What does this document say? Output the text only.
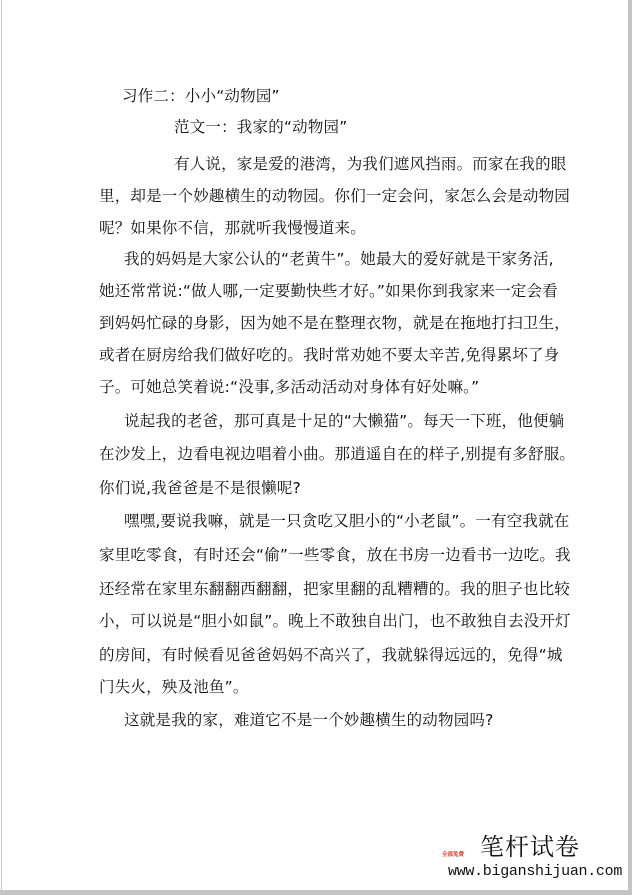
习作二：小小“动物园”
范文一：我家的“动物园”
有人说，家是爱的港湾，为我们遮风挡雨。而家在我的眼
里，却是一个妙趣横生的动物园。你们一定会问，家怎么会是动物园
呢？如果你不信，那就听我慢慢道来。
我的妈妈是大家公认的“老黄牛”。她最大的爱好就是干家务活,
她还常常说:“做人哪,一定要勤快些才好。”如果你到我家来一定会看
到妈妈忙碌的身影，因为她不是在整理衣物，就是在拖地打扫卫生，
或者在厨房给我们做好吃的。我时常劝她不要太辛苦,免得累坏了身
子。可她总笑着说:“没事,多活动活动对身体有好处嘛。”
说起我的老爸，那可真是十足的“大懒猫”。每天一下班，他便躺
在沙发上，边看电视边唱着小曲。那逍遥自在的样子,别提有多舒服。
你们说,我爸爸是不是很懒呢?
嘿嘿,要说我嘛，就是一只贪吃又胆小的“小老鼠”。一有空我就在
家里吃零食，有时还会“偷”一些零食，放在书房一边看书一边吃。我
还经常在家里东翻翻西翻翻，把家里翻的乱糟糟的。我的胆子也比较
小，可以说是“胆小如鼠”。晚上不敢独自出门，也不敢独自去没开灯
的房间，有时候看见爸爸妈妈不高兴了，我就躲得远远的，免得“城
门失火，殃及池鱼”。
这就是我的家，难道它不是一个妙趣横生的动物园吗?
笔杆试卷
全部免费
www.biganshijuan.com
